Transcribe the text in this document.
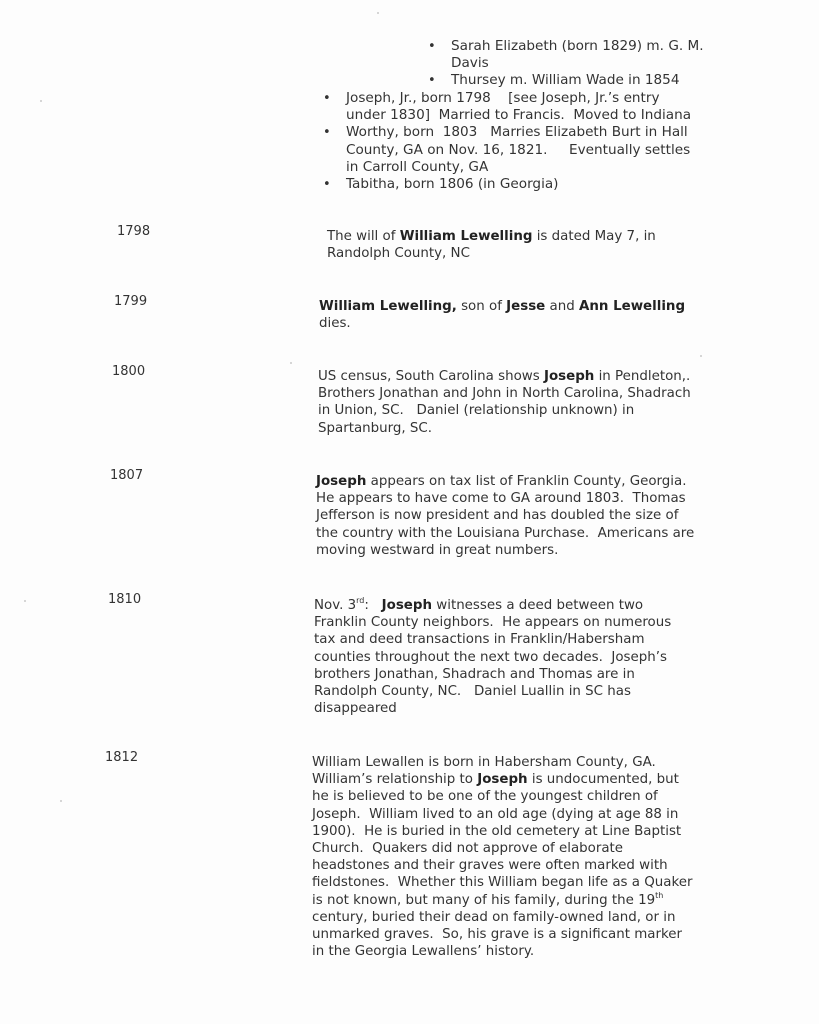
• Sarah Elizabeth (born 1829) m. G. M.
Davis
• Thursey m. William Wade in 1854
• Joseph, Jr., born 1798    [see Joseph, Jr.’s entry
under 1830]  Married to Francis.  Moved to Indiana
• Worthy, born  1803   Marries Elizabeth Burt in Hall
County, GA on Nov. 16, 1821.     Eventually settles
in Carroll County, GA
• Tabitha, born 1806 (in Georgia)
1798	The will of William Lewelling is dated May 7, in
Randolph County, NC
1799	William Lewelling, son of Jesse and Ann Lewelling
dies.
1800	US census, South Carolina shows Joseph in Pendleton,.
Brothers Jonathan and John in North Carolina, Shadrach
in Union, SC.   Daniel (relationship unknown) in
Spartanburg, SC.
1807	Joseph appears on tax list of Franklin County, Georgia.
He appears to have come to GA around 1803.  Thomas
Jefferson is now president and has doubled the size of
the country with the Louisiana Purchase.  Americans are
moving westward in great numbers.
1810	Nov. 3rd:   Joseph witnesses a deed between two
Franklin County neighbors.  He appears on numerous
tax and deed transactions in Franklin/Habersham
counties throughout the next two decades.  Joseph’s
brothers Jonathan, Shadrach and Thomas are in
Randolph County, NC.   Daniel Luallin in SC has
disappeared
1812	William Lewallen is born in Habersham County, GA.
William’s relationship to Joseph is undocumented, but
he is believed to be one of the youngest children of
Joseph.  William lived to an old age (dying at age 88 in
1900).  He is buried in the old cemetery at Line Baptist
Church.  Quakers did not approve of elaborate
headstones and their graves were often marked with
fieldstones.  Whether this William began life as a Quaker
is not known, but many of his family, during the 19th
century, buried their dead on family-owned land, or in
unmarked graves.  So, his grave is a significant marker
in the Georgia Lewallens’ history.
